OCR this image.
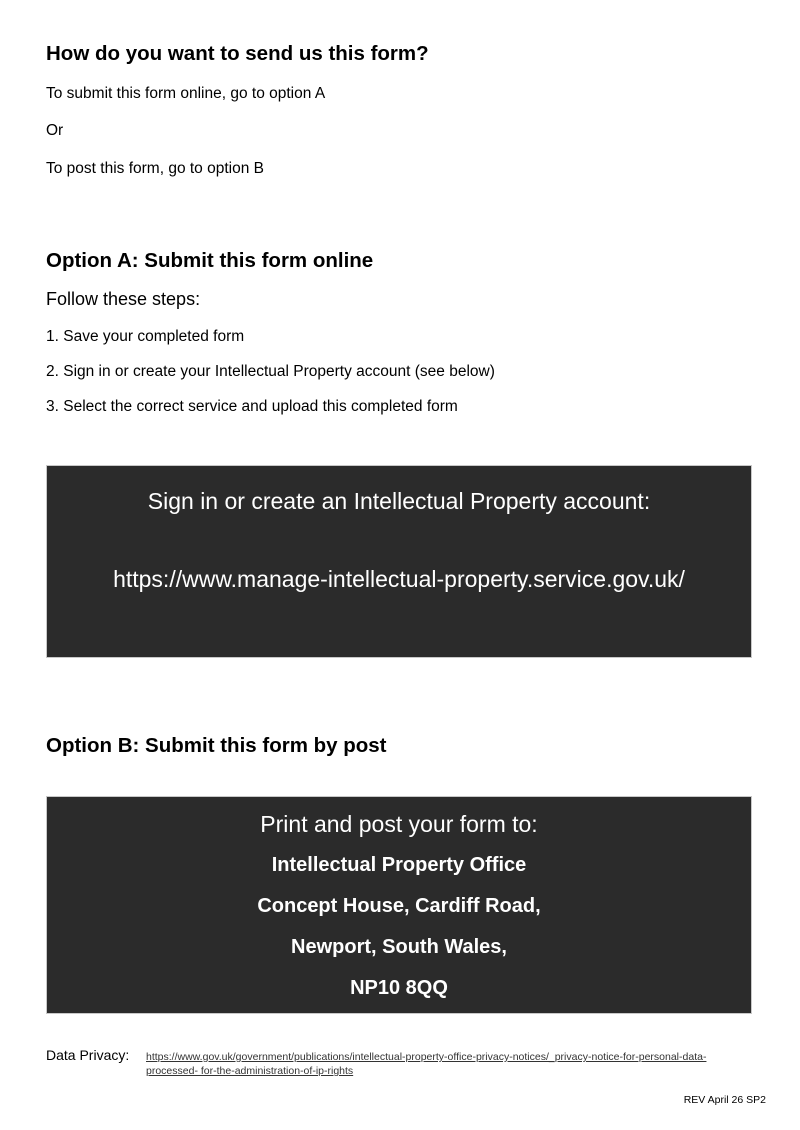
How do you want to send us this form?
To submit this form online, go to option A
Or
To post this form, go to option B
Option A: Submit this form online
Follow these steps:
1. Save your completed form
2. Sign in or create your Intellectual Property account (see below)
3. Select the correct service and upload this completed form
Sign in or create an Intellectual Property account:
https://www.manage-intellectual-property.service.gov.uk/
Option B: Submit this form by post
Print and post your form to:
Intellectual Property Office
Concept House, Cardiff Road,
Newport, South Wales,
NP10 8QQ
Data Privacy: https://www.gov.uk/government/publications/intellectual-property-office-privacy-notices/_privacy-notice-for-personal-data-processed- for-the-administration-of-ip-rights
REV April 26 SP2
